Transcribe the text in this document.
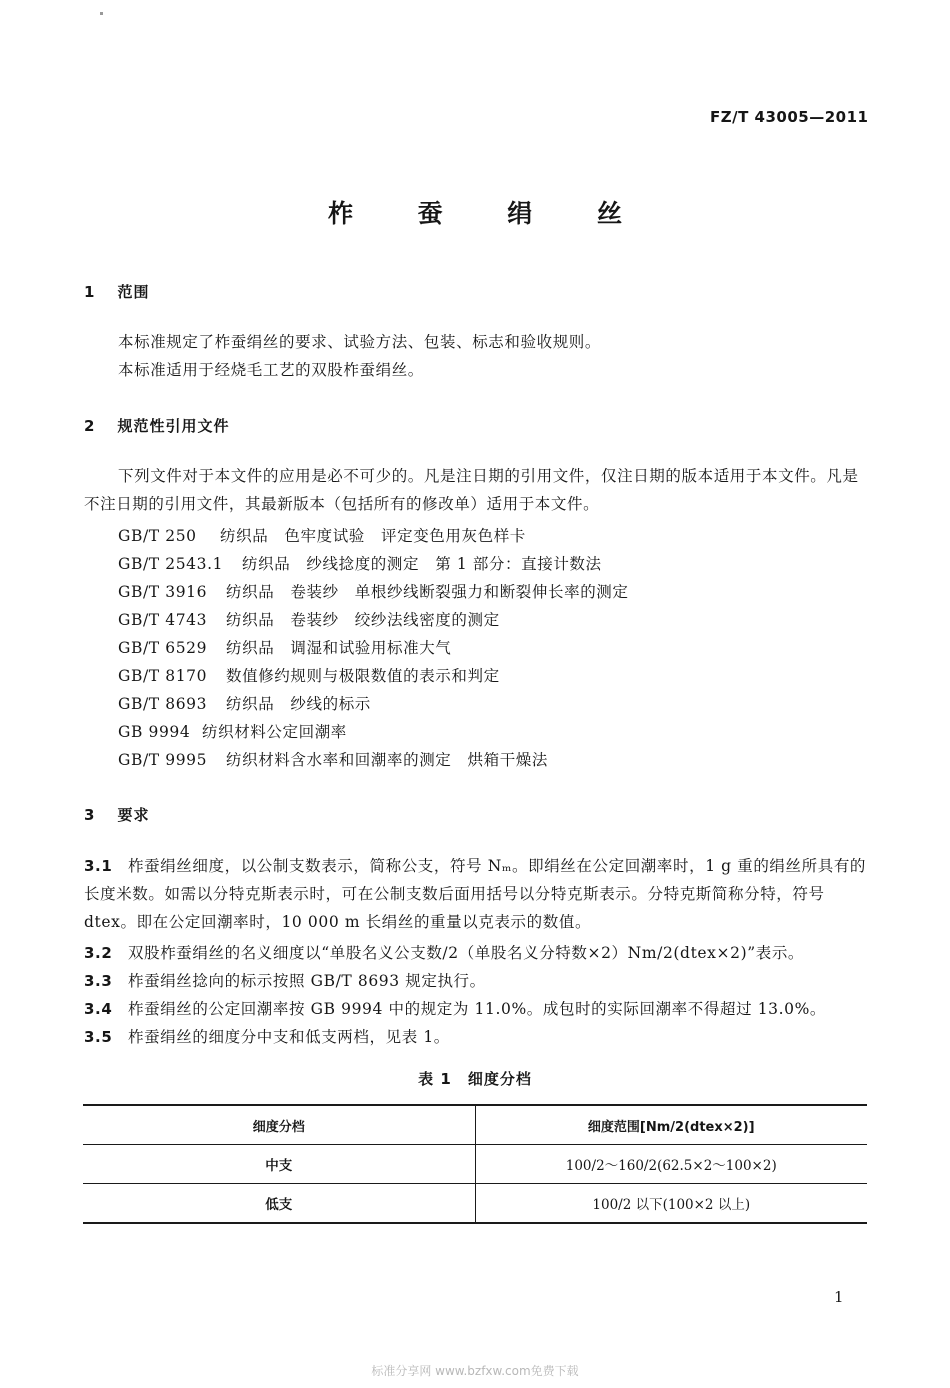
FZ/T 43005—2011
柞 蚕 绢 丝
1 范围
本标准规定了柞蚕绢丝的要求、试验方法、包装、标志和验收规则。
本标准适用于经烧毛工艺的双股柞蚕绢丝。
2 规范性引用文件
下列文件对于本文件的应用是必不可少的。凡是注日期的引用文件，仅注日期的版本适用于本文件。凡是不注日期的引用文件，其最新版本（包括所有的修改单）适用于本文件。
GB/T 250 纺织品　色牢度试验　评定变色用灰色样卡
GB/T 2543.1 纺织品　纱线捻度的测定　第 1 部分：直接计数法
GB/T 3916 纺织品　卷装纱　单根纱线断裂强力和断裂伸长率的测定
GB/T 4743 纺织品　卷装纱　绞纱法线密度的测定
GB/T 6529 纺织品　调湿和试验用标准大气
GB/T 8170 数值修约规则与极限数值的表示和判定
GB/T 8693 纺织品　纱线的标示
GB 9994 纺织材料公定回潮率
GB/T 9995 纺织材料含水率和回潮率的测定　烘箱干燥法
3 要求
3.1 柞蚕绢丝细度，以公制支数表示，简称公支，符号 Nₘ。即绢丝在公定回潮率时，1 g 重的绢丝所具有的长度米数。如需以分特克斯表示时，可在公制支数后面用括号以分特克斯表示。分特克斯简称分特，符号 dtex。即在公定回潮率时，10 000 m 长绢丝的重量以克表示的数值。
3.2 双股柞蚕绢丝的名义细度以“单股名义公支数/2（单股名义分特数×2）Nm/2(dtex×2)”表示。
3.3 柞蚕绢丝捻向的标示按照 GB/T 8693 规定执行。
3.4 柞蚕绢丝的公定回潮率按 GB 9994 中的规定为 11.0%。成包时的实际回潮率不得超过 13.0%。
3.5 柞蚕绢丝的细度分中支和低支两档，见表 1。
表 1　细度分档
细度分档	细度范围[Nm/2(dtex×2)]
中支	100/2～160/2(62.5×2～100×2)
低支	100/2 以下(100×2 以上)
1
标准分享网 www.bzfxw.com免费下载
